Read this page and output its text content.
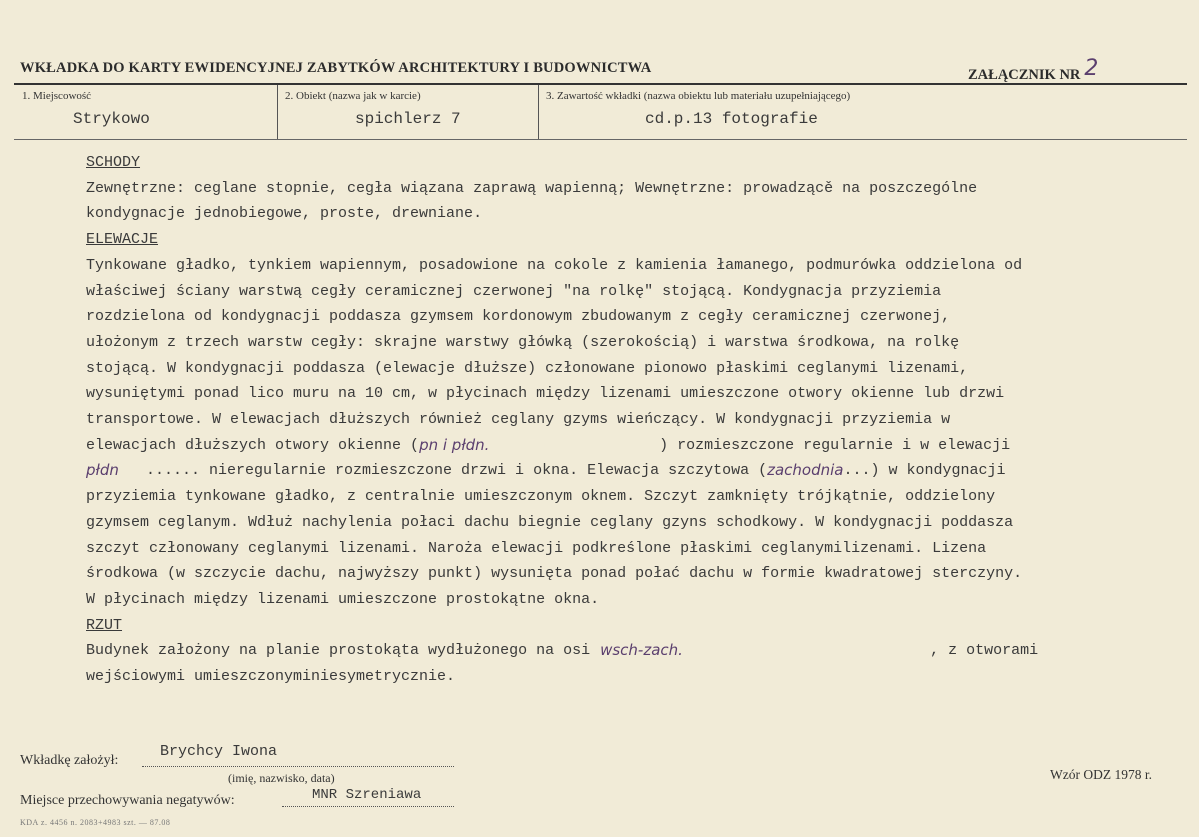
WKŁADKA DO KARTY EWIDENCYJNEJ ZABYTKÓW ARCHITEKTURY I BUDOWNICTWA	ZAŁĄCZNIK NR 2
1. Miejscowość
Strykowo
2. Obiekt (nazwa jak w karcie)
spichlerz 7
3. Zawartość wkładki (nazwa obiektu lub materiału uzupełniającego)
cd.p.13 fotografie
SCHODY
Zewnętrzne: ceglane stopnie, cegła wiązana zaprawą wapienną; Wewnętrzne: prowadzącě na poszczególne
kondygnacje jednobiegowe, proste, drewniane.
ELEWACJE
Tynkowane gładko, tynkiem wapiennym, posadowione na cokole z kamienia łamanego, podmurówka oddzielona od
właściwej ściany warstwą cegły ceramicznej czerwonej "na rolkę" stojącą. Kondygnacja przyziemia
rozdzielona od kondygnacji poddasza gzymsem kordonowym zbudowanym z cegły ceramicznej czerwonej,
ułożonym z trzech warstw cegły: skrajne warstwy główką (szerokością) i warstwa środkowa, na rolkę
stojącą. W kondygnacji poddasza (elewacje dłuższe) członowane pionowo płaskimi ceglanymi lizenami,
wysuniętymi ponad lico muru na 10 cm, w płycinach między lizenami umieszczone otwory okienne lub drzwi
transportowe. W elewacjach dłuższych również ceglany gzyms wieńczący. W kondygnacji przyziemia w
elewacjach dłuższych otwory okienne ( pn i płdn.	) rozmieszczone regularnie i w elewacji
płdn	...... nieregularnie rozmieszczone drzwi i okna. Elewacja szczytowa ( zachodnia ...) w kondygnacji
przyziemia tynkowane gładko, z centralnie umieszczonym oknem. Szczyt zamknięty trójkątnie, oddzielony
gzymsem ceglanym. Wdłuż nachylenia połaci dachu biegnie ceglany gzyns schodkowy. W kondygnacji poddasza
szczyt członowany ceglanymi lizenami. Naroża elewacji podkreślone płaskimi ceglanymilizenami. Lizena
środkowa (w szczycie dachu, najwyższy punkt) wysunięta ponad połać dachu w formie kwadratowej sterczyny.
W płycinach między lizenami umieszczone prostokątne okna.
RZUT
Budynek założony na planie prostokąta wydłużonego na osi wsch-zach.	, z otworami
wejściowymi umieszczonyminiesymetrycznie.
Wkładkę założył:
Brychcy Iwona
(imię, nazwisko, data)	Wzór ODZ 1978 r.
Miejsce przechowywania negatywów:	MNR Szreniawa
KDA z. 4456 n. 2083+4983 szt. — 87.08
